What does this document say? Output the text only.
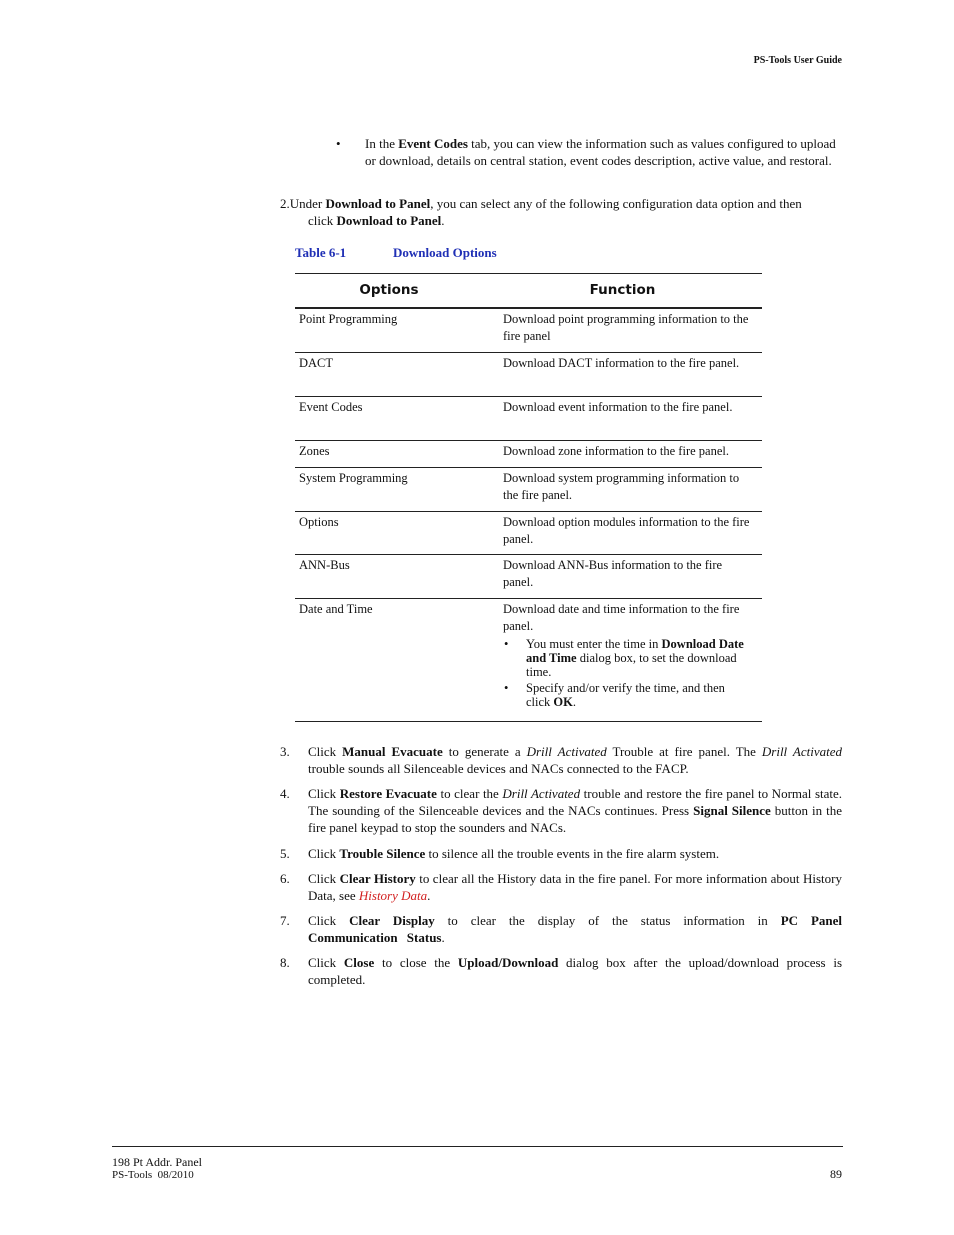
PS-Tools User Guide
• In the Event Codes tab, you can view the information such as values configured to upload or download, details on central station, event codes description, active value, and restoral.
2.Under Download to Panel, you can select any of the following configuration data option and then
click Download to Panel.
Table 6-1	Download Options
Options	Function
Point Programming	Download point programming information to the fire panel
DACT	Download DACT information to the fire panel.
Event Codes	Download event information to the fire panel.
Zones	Download zone information to the fire panel.
System Programming	Download system programming information to the fire panel.
Options	Download option modules information to the fire panel.
ANN-Bus	Download ANN-Bus information to the fire panel.
Date and Time	Download date and time information to the fire panel.
• You must enter the time in Download Date and Time dialog box, to set the download time.
• Specify and/or verify the time, and then click OK.
3. Click Manual Evacuate to generate a Drill Activated Trouble at fire panel. The Drill Activated trouble sounds all Silenceable devices and NACs connected to the FACP.
4. Click Restore Evacuate to clear the Drill Activated trouble and restore the fire panel to Normal state. The sounding of the Silenceable devices and the NACs continues. Press Signal Silence button in the fire panel keypad to stop the sounders and NACs.
5. Click Trouble Silence to silence all the trouble events in the fire alarm system.
6. Click Clear History to clear all the History data in the fire panel. For more information about History Data, see History Data.
7. Click Clear Display to clear the display of the status information in PC Panel Communication Status.
8. Click Close to close the Upload/Download dialog box after the upload/download process is completed.
198 Pt Addr. Panel
PS-Tools  08/2010	89
